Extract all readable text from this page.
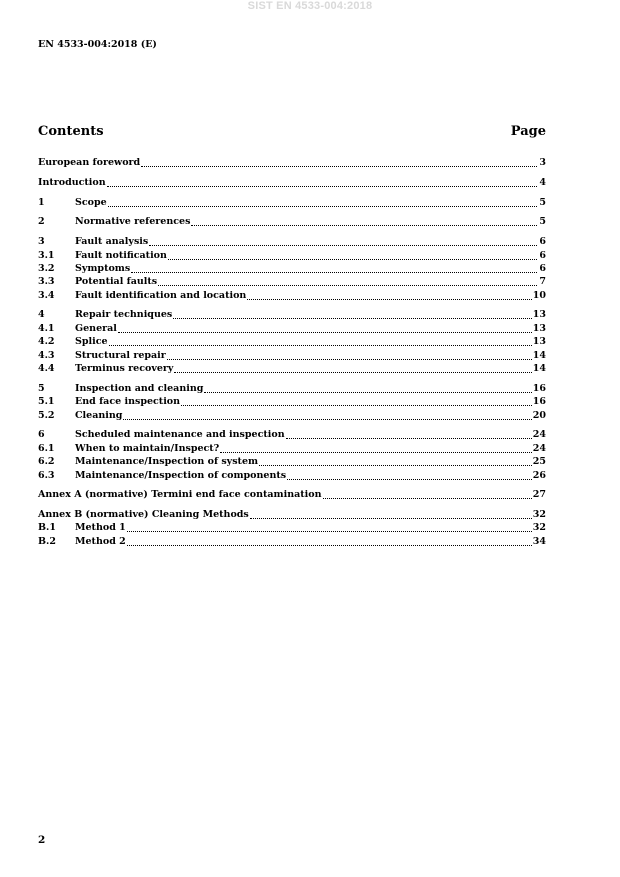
SIST EN 4533-004:2018
EN 4533-004:2018 (E)
Contents	Page
European foreword	3
Introduction	4
1	Scope	5
2	Normative references	5
3	Fault analysis	6
3.1	Fault notification	6
3.2	Symptoms	6
3.3	Potential faults	7
3.4	Fault identification and location	10
4	Repair techniques	13
4.1	General	13
4.2	Splice	13
4.3	Structural repair	14
4.4	Terminus recovery	14
5	Inspection and cleaning	16
5.1	End face inspection	16
5.2	Cleaning	20
6	Scheduled maintenance and inspection	24
6.1	When to maintain/Inspect?	24
6.2	Maintenance/Inspection of system	25
6.3	Maintenance/Inspection of components	26
Annex A (normative) Termini end face contamination	27
Annex B (normative) Cleaning Methods	32
B.1	Method 1	32
B.2	Method 2	34
2
